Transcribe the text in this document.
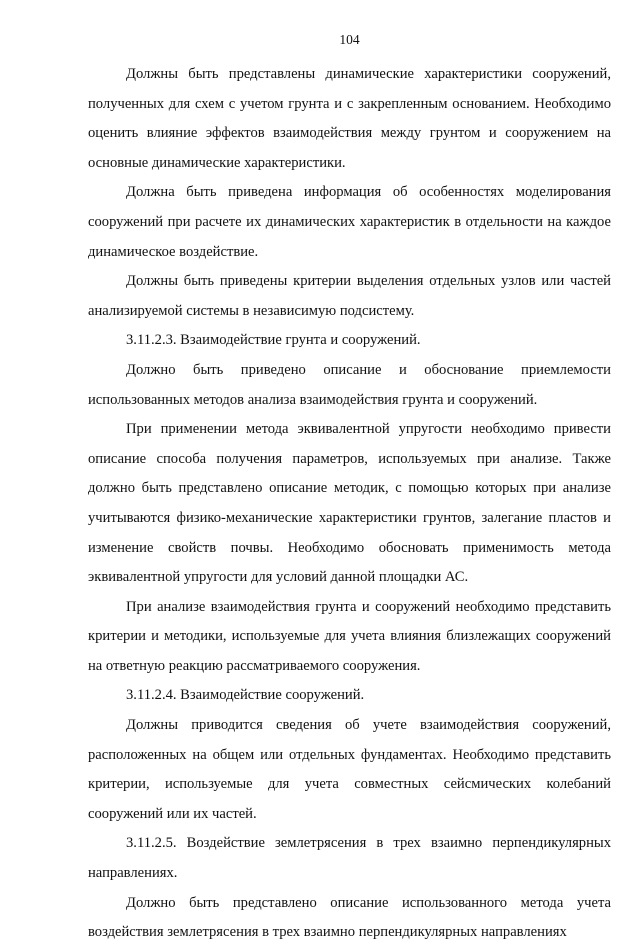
104

Должны быть представлены динамические характеристики сооружений, полученных для схем с учетом грунта и с закрепленным основанием. Необходимо оценить влияние эффектов взаимодействия между грунтом и сооружением на основные динамические характеристики.

Должна быть приведена информация об особенностях моделирования сооружений при расчете их динамических характеристик в отдельности на каждое динамическое воздействие.

Должны быть приведены критерии выделения отдельных узлов или частей анализируемой системы в независимую подсистему.

3.11.2.3. Взаимодействие грунта и сооружений.

Должно быть приведено описание и обоснование приемлемости использованных методов анализа взаимодействия грунта и сооружений.

При применении метода эквивалентной упругости необходимо привести описание способа получения параметров, используемых при анализе. Также должно быть представлено описание методик, с помощью которых при анализе учитываются физико-механические характеристики грунтов, залегание пластов и изменение свойств почвы. Необходимо обосновать применимость метода эквивалентной упругости для условий данной площадки АС.

При анализе взаимодействия грунта и сооружений необходимо представить критерии и методики, используемые для учета влияния близлежащих сооружений на ответную реакцию рассматриваемого сооружения.

3.11.2.4. Взаимодействие сооружений.

Должны приводится сведения об учете взаимодействия сооружений, расположенных на общем или отдельных фундаментах. Необходимо представить критерии, используемые для учета совместных сейсмических колебаний сооружений или их частей.

3.11.2.5. Воздействие землетрясения в трех взаимно перпендикулярных направлениях.

Должно быть представлено описание использованного метода учета воздействия землетрясения в трех взаимно перпендикулярных направлениях
